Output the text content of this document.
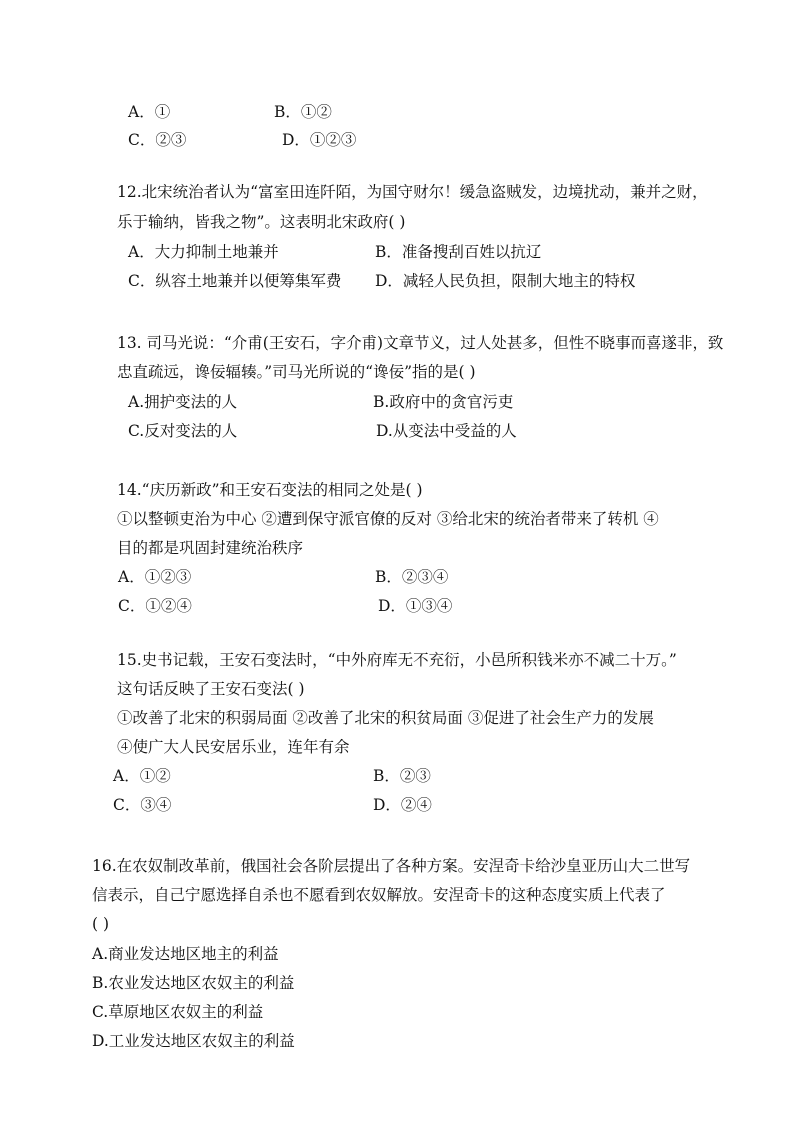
A．①	B．①②
C．②③	D．①②③
12.北宋统治者认为“富室田连阡陌，为国守财尔！缓急盗贼发，边境扰动，兼并之财，
乐于输纳，皆我之物”。这表明北宋政府( )
A．大力抑制土地兼并	B．准备搜刮百姓以抗辽
C．纵容土地兼并以便筹集军费 D．减轻人民负担，限制大地主的特权
13. 司马光说：“介甫(王安石，字介甫)文章节义，过人处甚多，但性不晓事而喜遂非，致
忠直疏远，谗佞辐辏。”司马光所说的“谗佞”指的是( )
A.拥护变法的人	B.政府中的贪官污吏
C.反对变法的人	D.从变法中受益的人
14.“庆历新政”和王安石变法的相同之处是( )
①以整顿吏治为中心 ②遭到保守派官僚的反对 ③给北宋的统治者带来了转机 ④
目的都是巩固封建统治秩序
A．①②③	B．②③④
C．①②④	D．①③④
15.史书记载，王安石变法时，“中外府库无不充衍，小邑所积钱米亦不减二十万。”
这句话反映了王安石变法( )
①改善了北宋的积弱局面 ②改善了北宋的积贫局面 ③促进了社会生产力的发展
④使广大人民安居乐业，连年有余
A．①②	B．②③
C．③④	D．②④
16.在农奴制改革前，俄国社会各阶层提出了各种方案。安涅奇卡给沙皇亚历山大二世写
信表示，自己宁愿选择自杀也不愿看到农奴解放。安涅奇卡的这种态度实质上代表了
( )
A.商业发达地区地主的利益
B.农业发达地区农奴主的利益
C.草原地区农奴主的利益
D.工业发达地区农奴主的利益
